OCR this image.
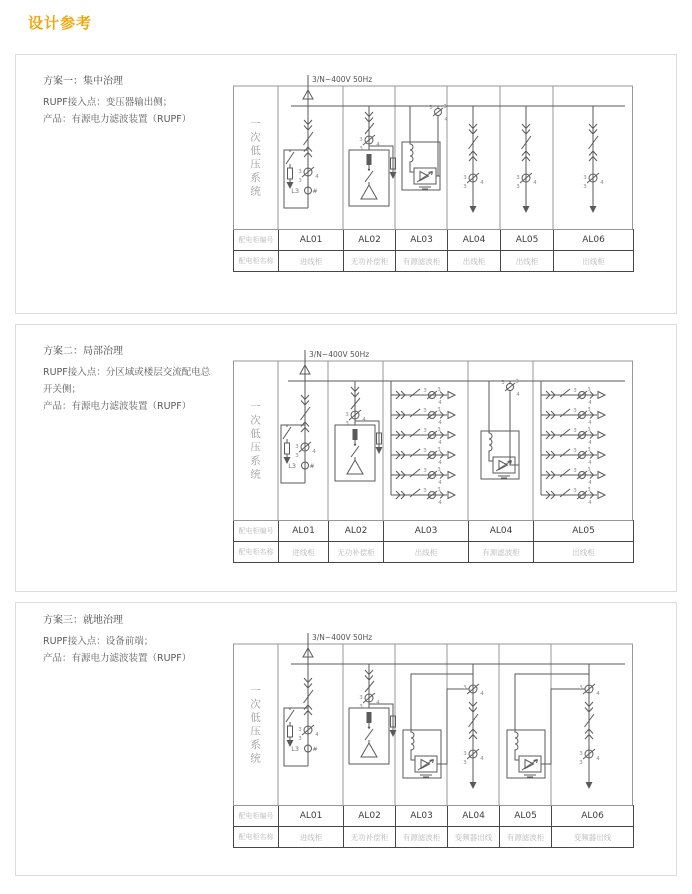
设计参考
方案一：集中治理
RUPF接入点：变压器输出侧；
产品：有源电力滤波装置（RUPF）
3/N~400V 50Hz
一次低压系统
配电柜编号	AL01	AL02	AL03	AL04	AL05	AL06
配电柜名称	进线柜	无功补偿柜	有源滤波柜	出线柜	出线柜	出线柜
方案二：局部治理
RUPF接入点：分区域或楼层交流配电总
开关侧；
产品：有源电力滤波装置（RUPF）
3/N~400V 50Hz
一次低压系统
配电柜编号	AL01	AL02	AL03	AL04	AL05
配电柜名称	进线柜	无功补偿柜	出线柜	有源滤波柜	出线柜
方案三：就地治理
RUPF接入点：设备前端；
产品：有源电力滤波装置（RUPF）
3/N~400V 50Hz
一次低压系统
配电柜编号	AL01	AL02	AL03	AL04	AL05	AL06
配电柜名称	进线柜	无功补偿柜	有源滤波柜	变频器出线	有源滤波柜	变频器出线
